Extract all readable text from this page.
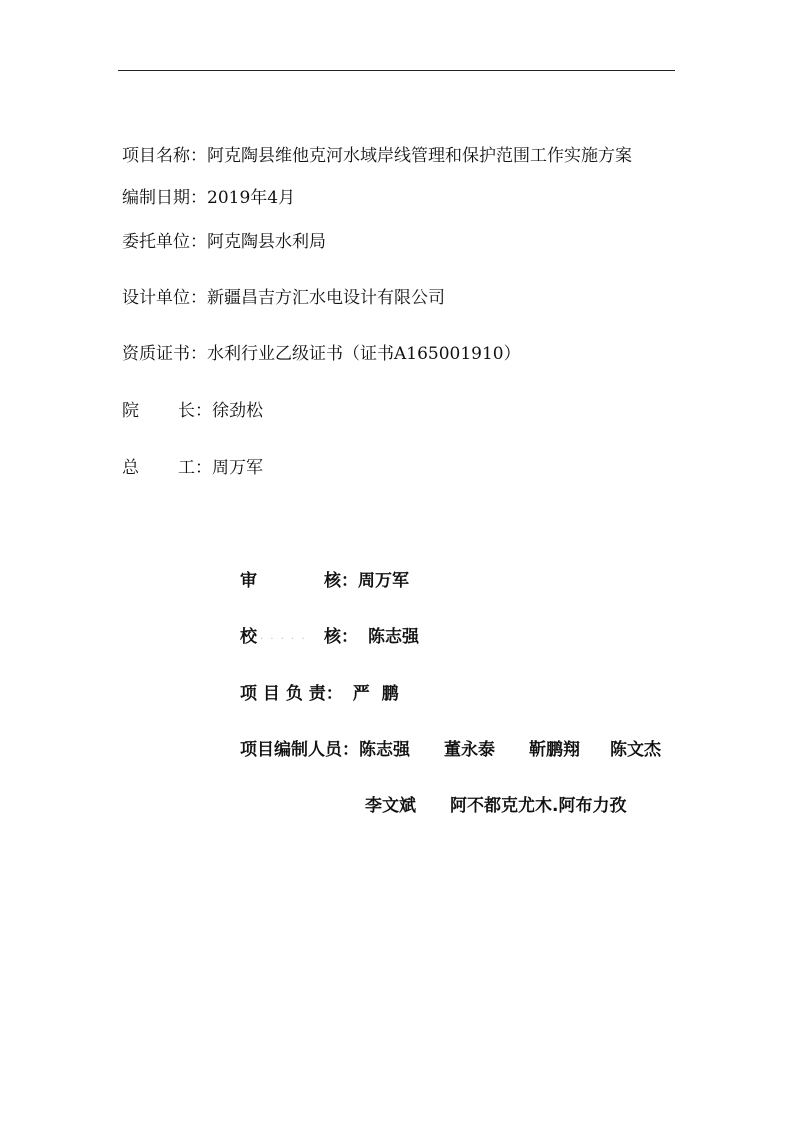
项目名称：阿克陶县维他克河水域岸线管理和保护范围工作实施方案
编制日期：2019年4月
委托单位：阿克陶县水利局
设计单位：新疆昌吉方汇水电设计有限公司
资质证书：水利行业乙级证书（证书A165001910）
院 长：徐劲松
总 工：周万军
审	核：周万军
校 · · · · · 核： 陈志强
项 目 负 责： 严  鹏
项目编制人员：陈志强 董永泰 靳鹏翔 陈文杰
李文斌 阿不都克尤木.阿布力孜
